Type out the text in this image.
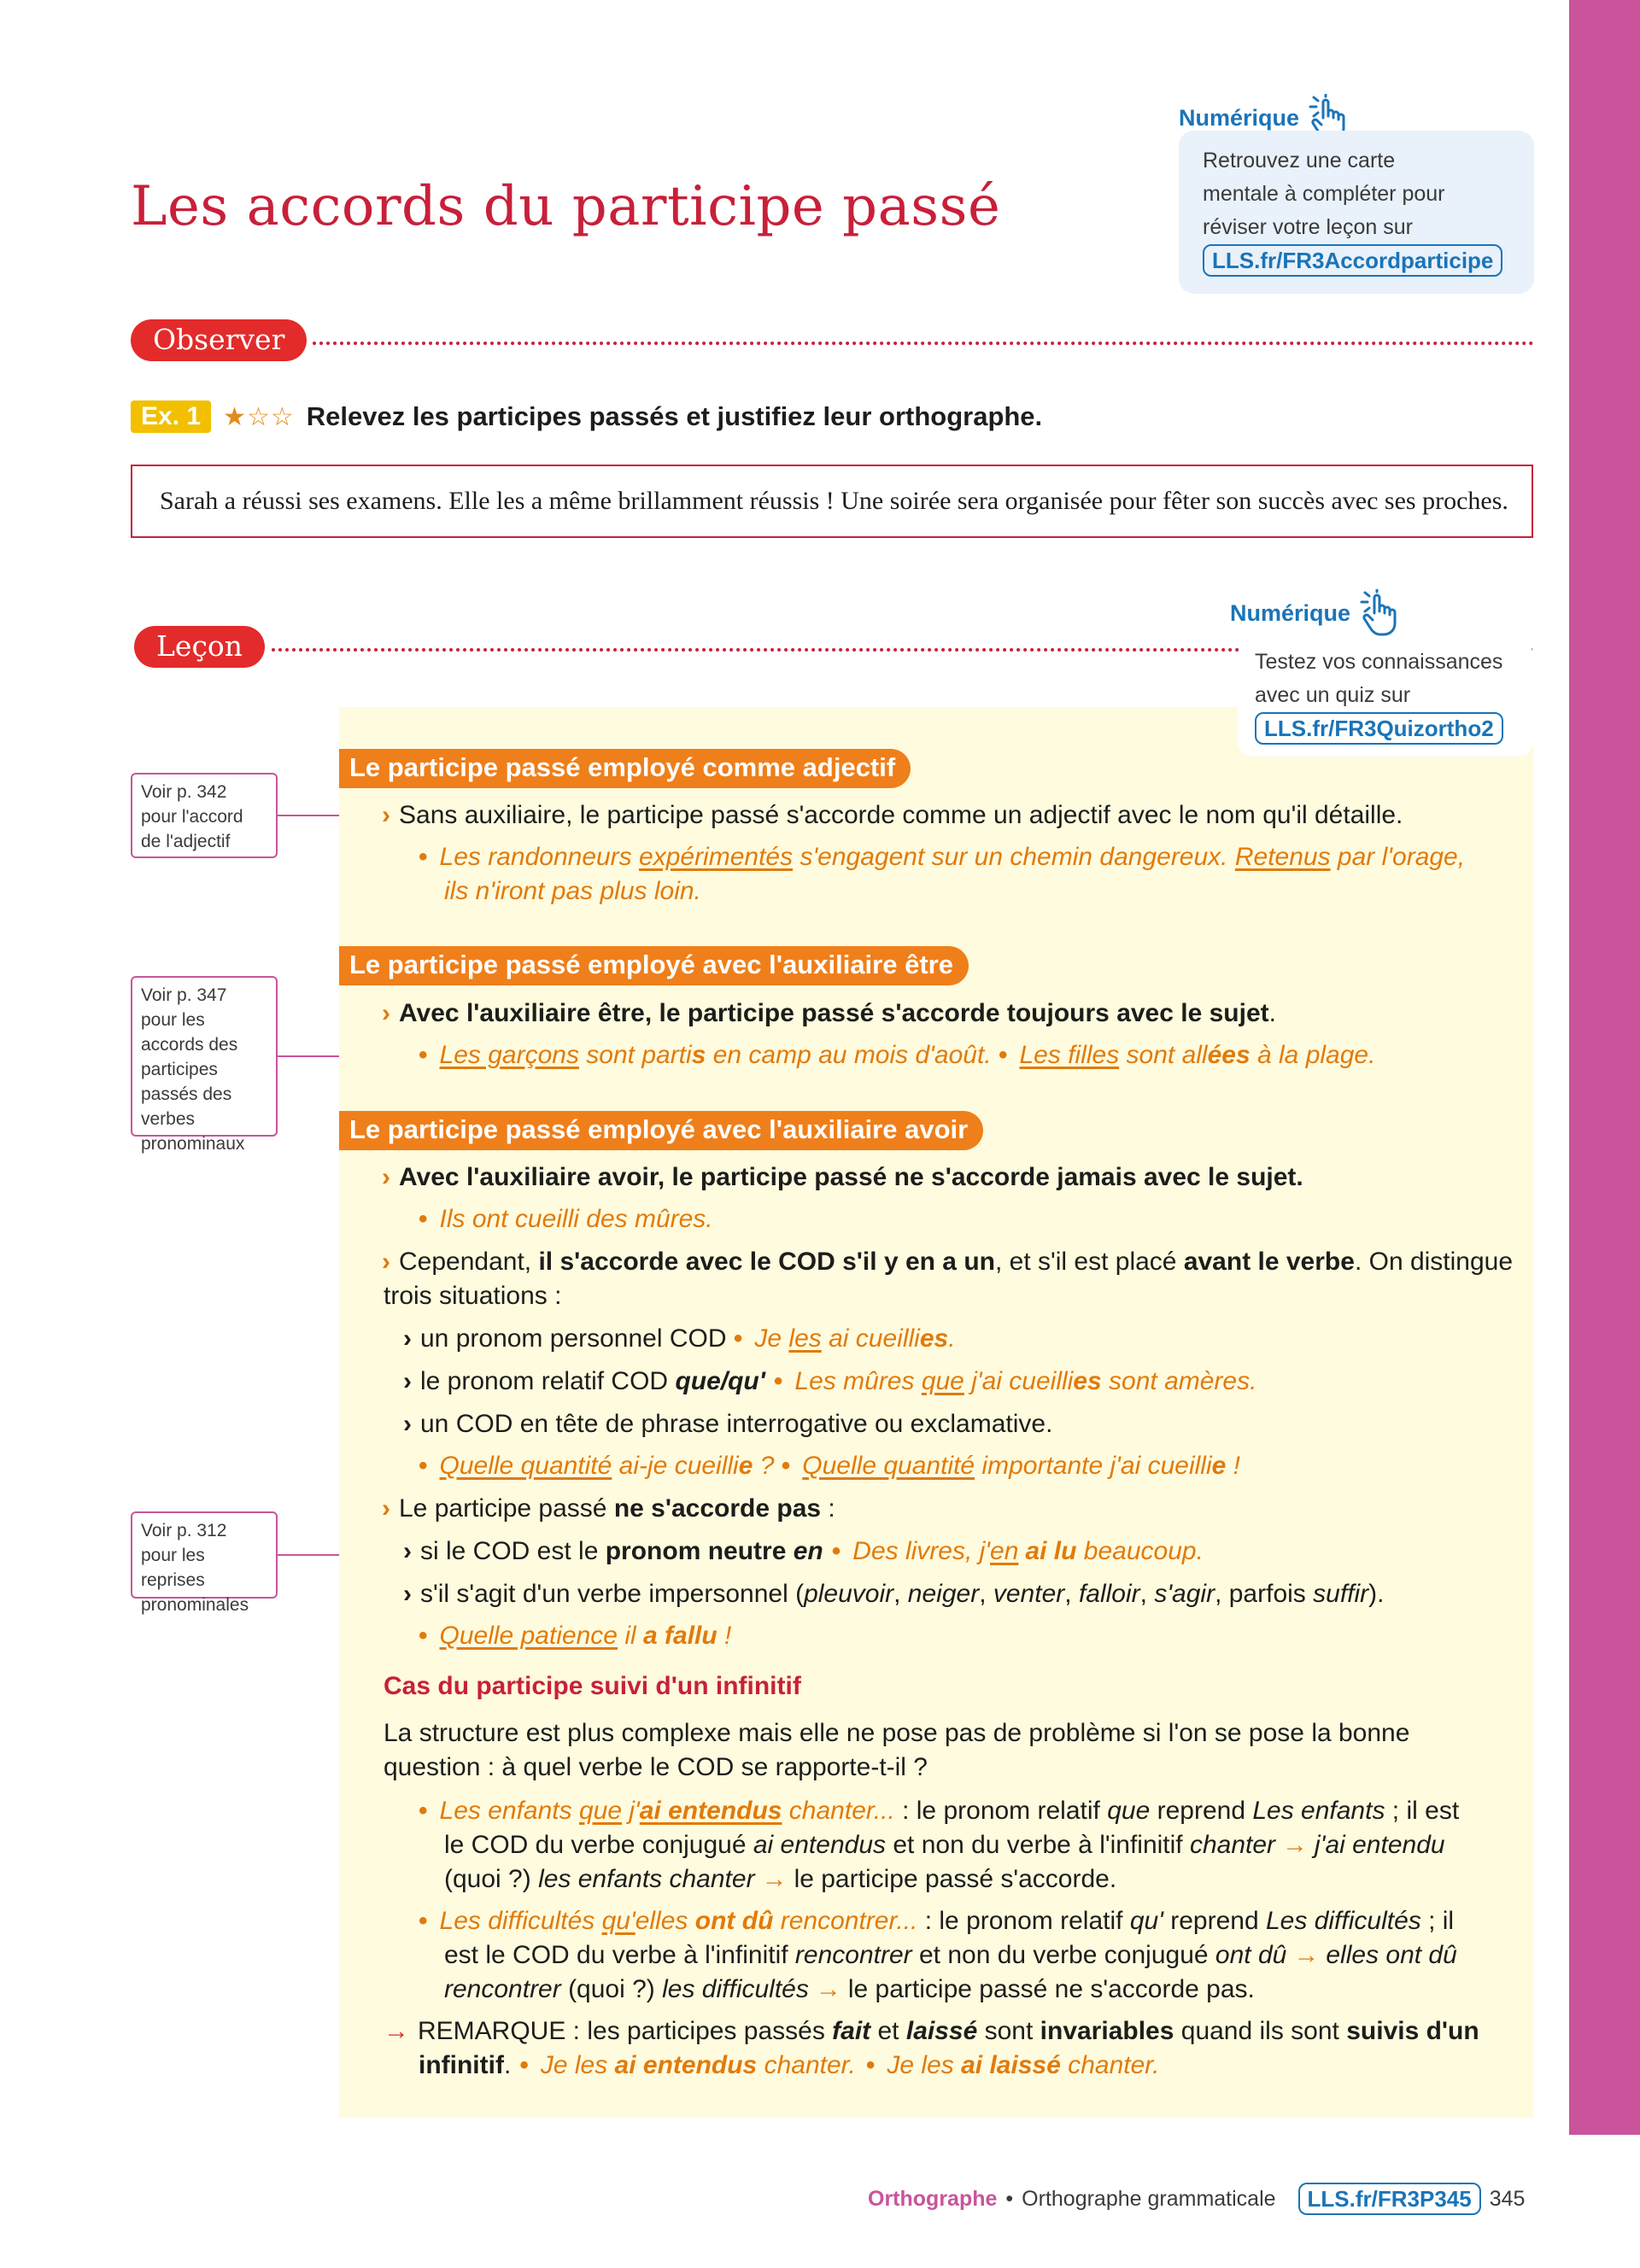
Les accords du participe passé
Numérique
Retrouvez une carte
mentale à compléter pour
réviser votre leçon sur
LLS.fr/FR3Accordparticipe
Observer
Ex. 1 ★☆☆ Relevez les participes passés et justifiez leur orthographe.
Sarah a réussi ses examens. Elle les a même brillamment réussis ! Une soirée sera organisée pour fêter son succès avec ses proches.
Leçon
Numérique
Testez vos connaissances
avec un quiz sur
LLS.fr/FR3Quizortho2
Voir p. 342 pour l'accord de l'adjectif
Voir p. 347 pour les accords des participes passés des verbes pronominaux
Voir p. 312 pour les reprises pronominales
Le participe passé employé comme adjectif
› Sans auxiliaire, le participe passé s'accorde comme un adjectif avec le nom qu'il détaille.
• Les randonneurs expérimentés s'engagent sur un chemin dangereux. Retenus par l'orage,
ils n'iront pas plus loin.
Le participe passé employé avec l'auxiliaire être
› Avec l'auxiliaire être, le participe passé s'accorde toujours avec le sujet.
• Les garçons sont partis en camp au mois d'août. • Les filles sont allées à la plage.
Le participe passé employé avec l'auxiliaire avoir
› Avec l'auxiliaire avoir, le participe passé ne s'accorde jamais avec le sujet.
• Ils ont cueilli des mûres.
› Cependant, il s'accorde avec le COD s'il y en a un, et s'il est placé avant le verbe. On distingue
trois situations :
› un pronom personnel COD • Je les ai cueillies.
› le pronom relatif COD que/qu' • Les mûres que j'ai cueillies sont amères.
› un COD en tête de phrase interrogative ou exclamative.
• Quelle quantité ai-je cueillie ? • Quelle quantité importante j'ai cueillie !
› Le participe passé ne s'accorde pas :
› si le COD est le pronom neutre en • Des livres, j'en ai lu beaucoup.
› s'il s'agit d'un verbe impersonnel (pleuvoir, neiger, venter, falloir, s'agir, parfois suffir).
• Quelle patience il a fallu !
Cas du participe suivi d'un infinitif
La structure est plus complexe mais elle ne pose pas de problème si l'on se pose la bonne
question : à quel verbe le COD se rapporte-t-il ?
• Les enfants que j'ai entendus chanter... : le pronom relatif que reprend Les enfants ; il est
le COD du verbe conjugué ai entendus et non du verbe à l'infinitif chanter → j'ai entendu
(quoi ?) les enfants chanter → le participe passé s'accorde.
• Les difficultés qu'elles ont dû rencontrer... : le pronom relatif qu' reprend Les difficultés ; il
est le COD du verbe à l'infinitif rencontrer et non du verbe conjugué ont dû → elles ont dû
rencontrer (quoi ?) les difficultés → le participe passé ne s'accorde pas.
→ REMARQUE : les participes passés fait et laissé sont invariables quand ils sont suivis d'un
infinitif. • Je les ai entendus chanter. • Je les ai laissé chanter.
Orthographe • Orthographe grammaticale	LLS.fr/FR3P345 345
